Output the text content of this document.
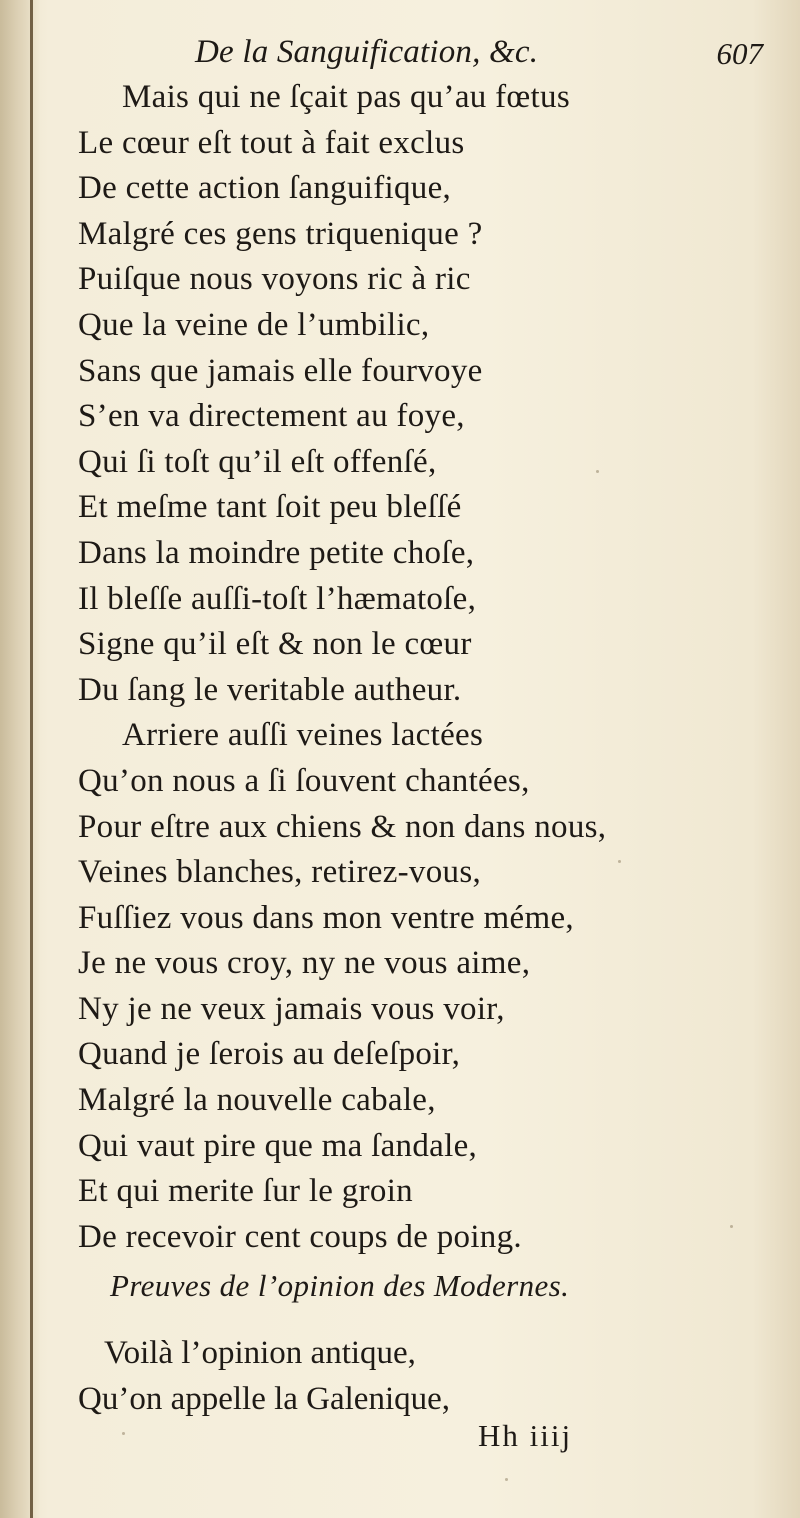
De la Sanguification, &c.	607
Mais qui ne ſçait pas qu’au fœtus
Le cœur eſt tout à fait exclus
De cette action ſanguifique,
Malgré ces gens triquenique ?
Puiſque nous voyons ric à ric
Que la veine de l’umbilic,
Sans que jamais elle fourvoye
S’en va directement au foye,
Qui ſi toſt qu’il eſt offenſé,
Et meſme tant ſoit peu bleſſé
Dans la moindre petite choſe,
Il bleſſe auſſi-toſt l’hæmatoſe,
Signe qu’il eſt & non le cœur
Du ſang le veritable autheur.
Arriere auſſi veines lactées
Qu’on nous a ſi ſouvent chantées,
Pour eſtre aux chiens & non dans nous,
Veines blanches, retirez-vous,
Fuſſiez vous dans mon ventre méme,
Je ne vous croy, ny ne vous aime,
Ny je ne veux jamais vous voir,
Quand je ſerois au deſeſpoir,
Malgré la nouvelle cabale,
Qui vaut pire que ma ſandale,
Et qui merite ſur le groin
De recevoir cent coups de poing.
Preuves de l’opinion des Modernes.
Voilà l’opinion antique,
Qu’on appelle la Galenique,
Hh iiij
